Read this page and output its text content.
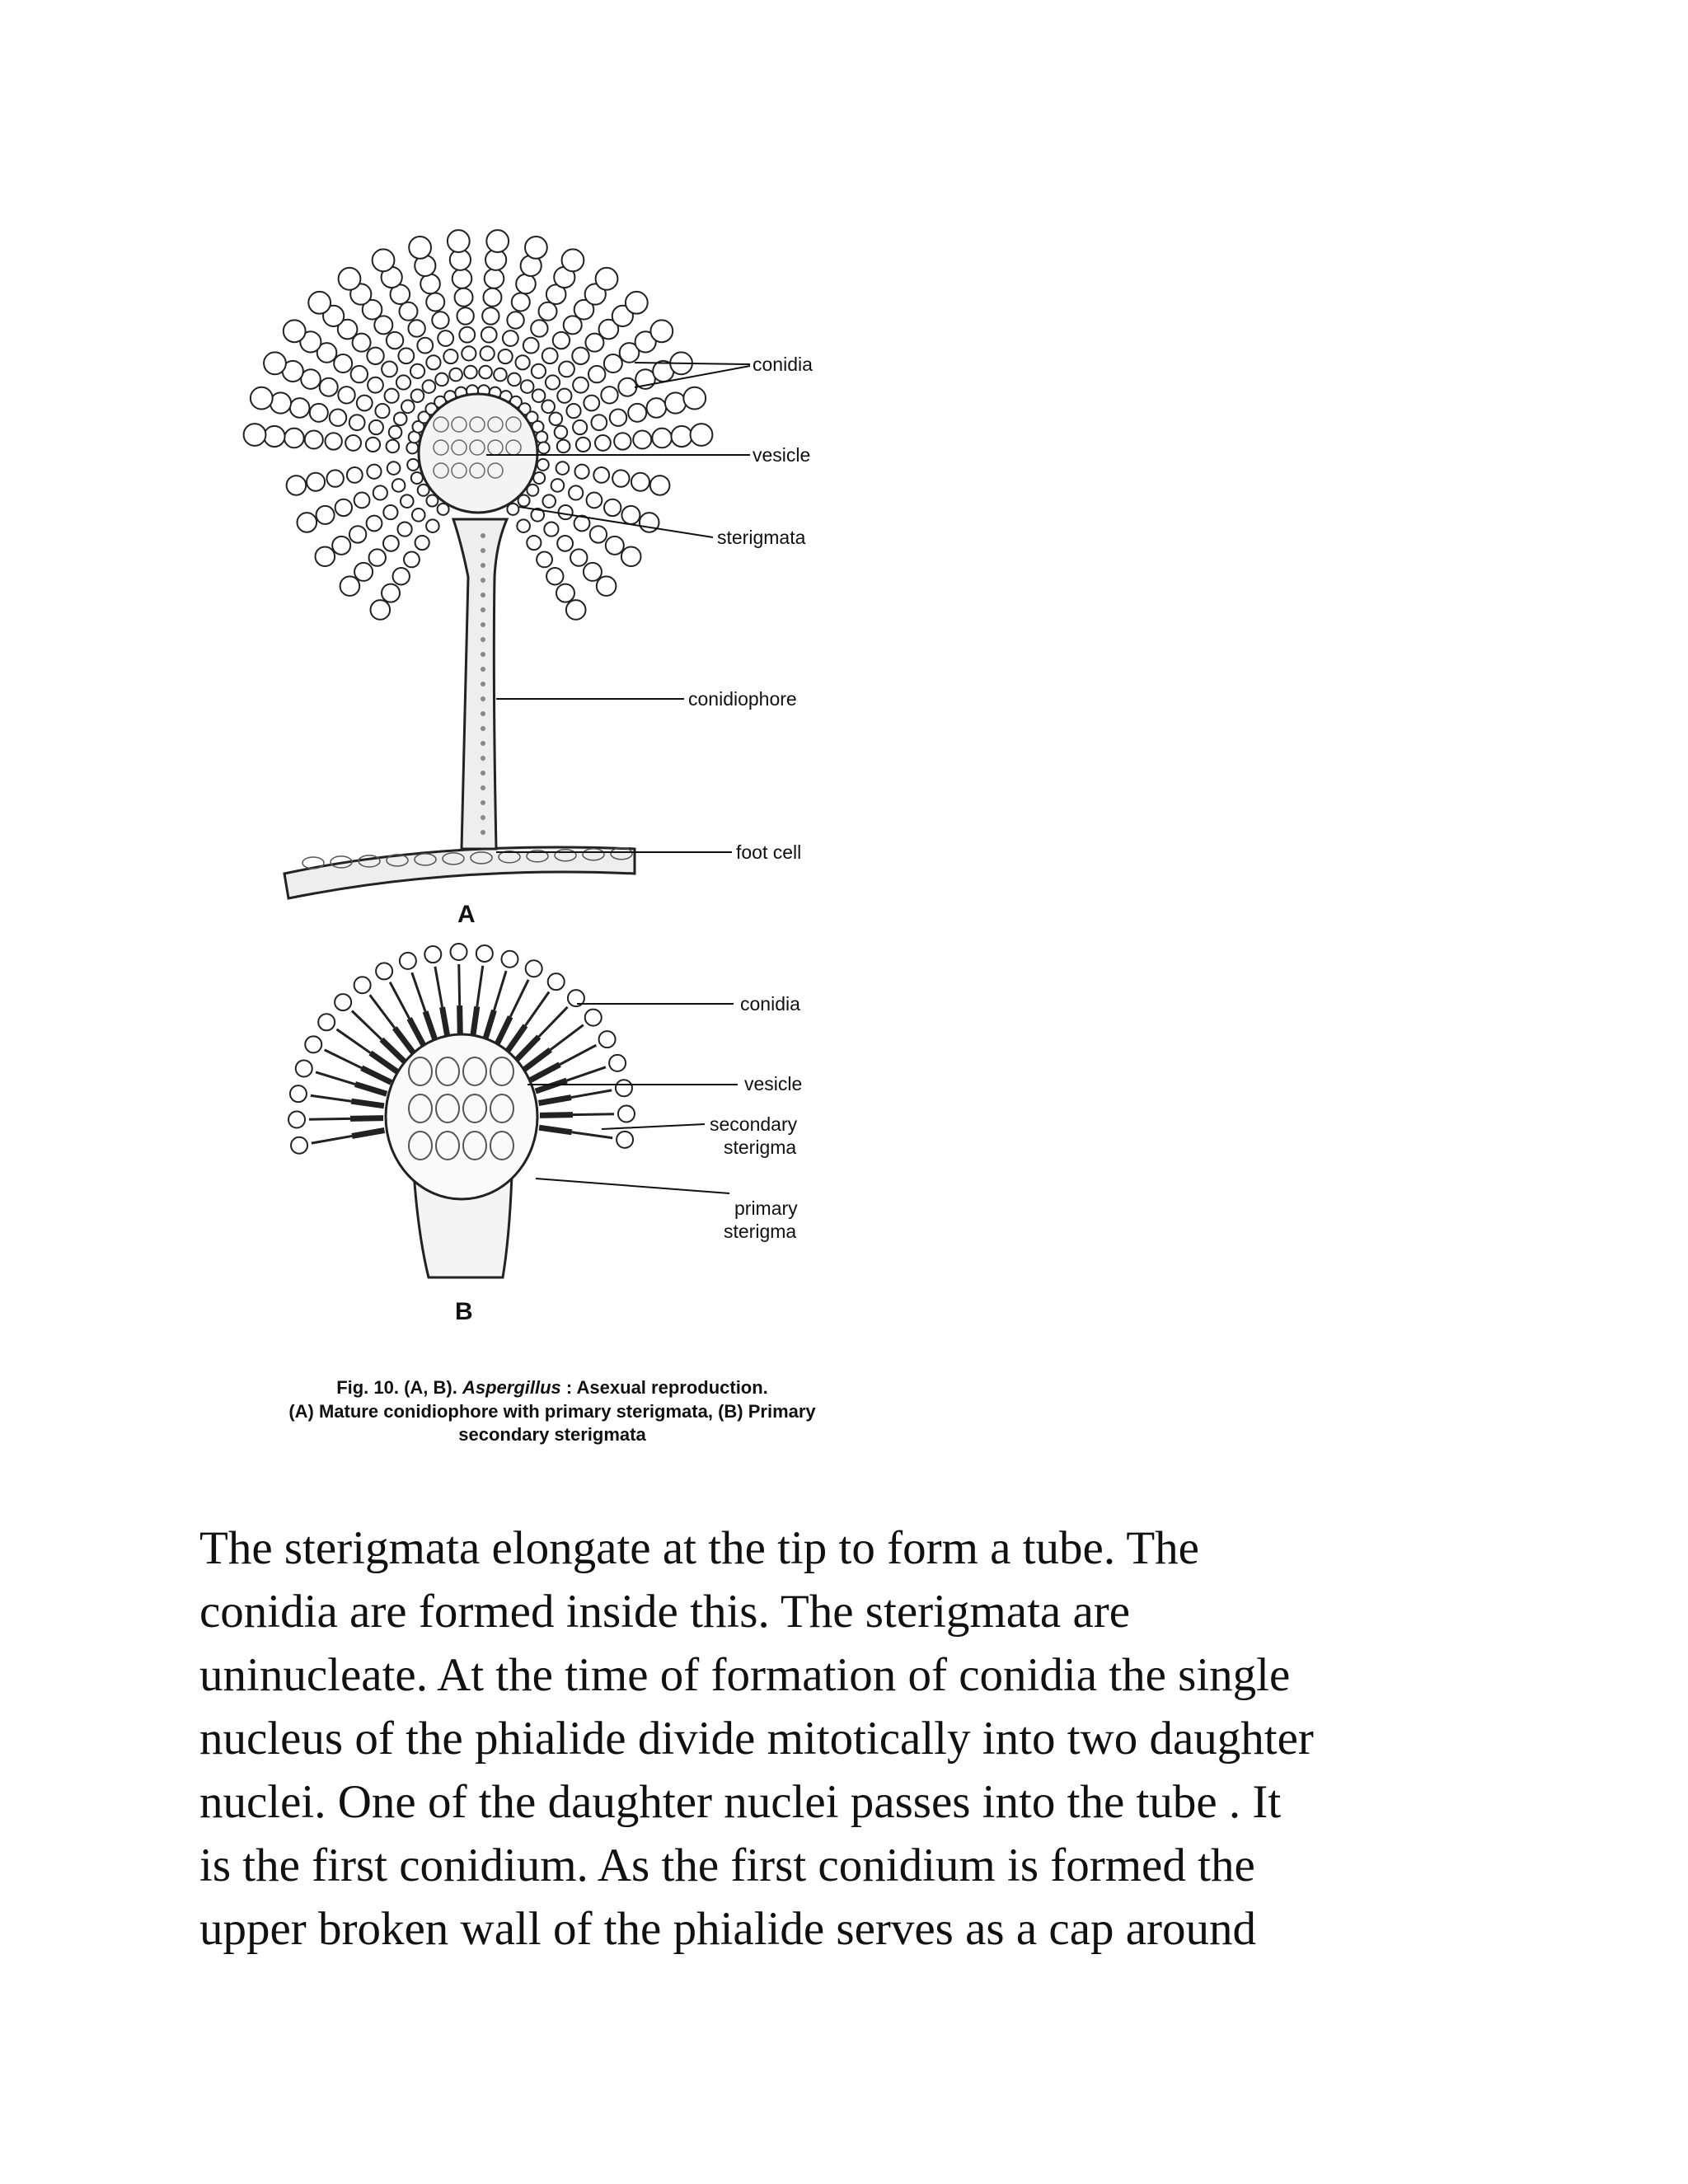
conidia
vesicle
sterigmata
conidiophore
foot cell
A
conidia
vesicle
secondary
sterigma
primary
sterigma
B
Fig. 10. (A, B). Aspergillus : Asexual reproduction.
(A) Mature conidiophore with primary sterigmata, (B) Primary
secondary sterigmata
The sterigmata elongate at the tip to form a tube. The
conidia are formed inside this. The sterigmata are
uninucleate. At the time of formation of conidia the single
nucleus of the phialide divide mitotically into two daughter
nuclei. One of the daughter nuclei passes into the tube . It
is the first conidium. As the first conidium is formed the
upper broken wall of the phialide serves as a cap around
